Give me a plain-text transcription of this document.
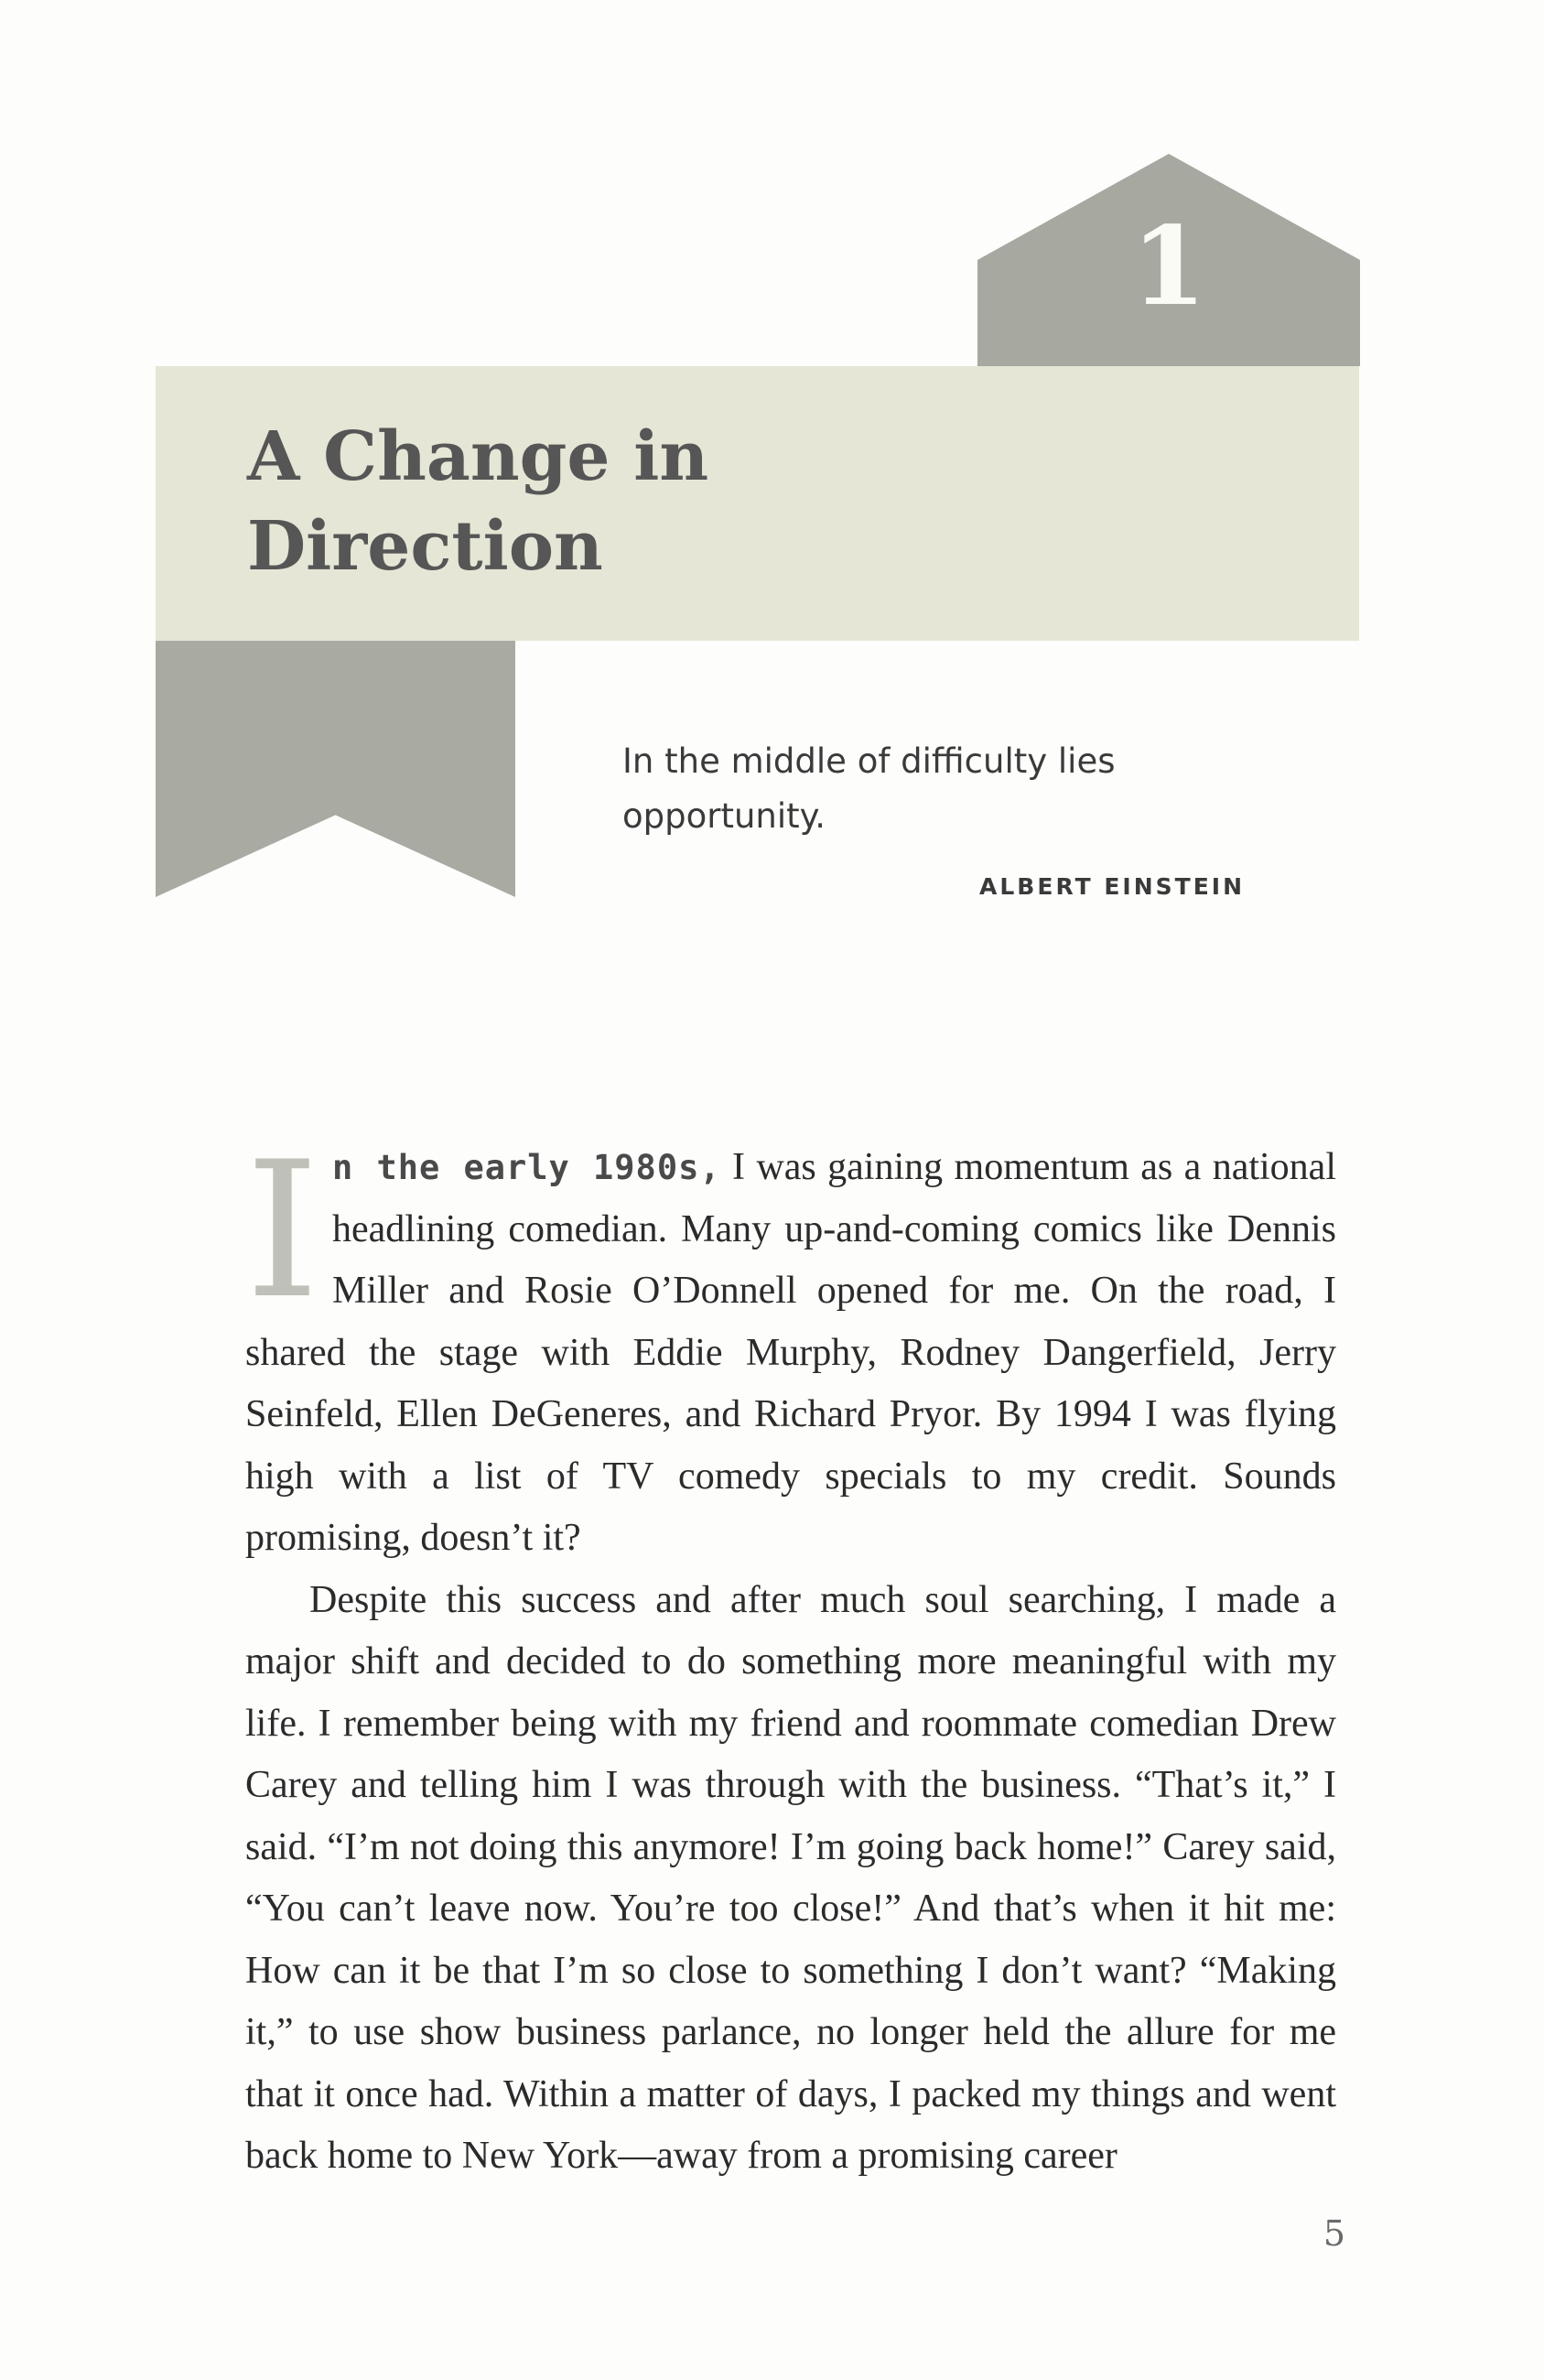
1
A Change in
Direction
In the middle of difficulty lies opportunity.
ALBERT EINSTEIN

In the early 1980s, I was gaining momentum as a national headlining comedian. Many up-and-coming comics like Dennis Miller and Rosie O’Donnell opened for me. On the road, I shared the stage with Eddie Murphy, Rodney Dangerfield, Jerry Seinfeld, Ellen DeGeneres, and Richard Pryor. By 1994 I was flying high with a list of TV comedy specials to my credit. Sounds promising, doesn’t it?

Despite this success and after much soul searching, I made a major shift and decided to do something more meaningful with my life. I remember being with my friend and roommate comedian Drew Carey and telling him I was through with the business. “That’s it,” I said. “I’m not doing this anymore! I’m going back home!” Carey said, “You can’t leave now. You’re too close!” And that’s when it hit me: How can it be that I’m so close to something I don’t want? “Making it,” to use show business parlance, no longer held the allure for me that it once had. Within a matter of days, I packed my things and went back home to New York—away from a promising career

5
